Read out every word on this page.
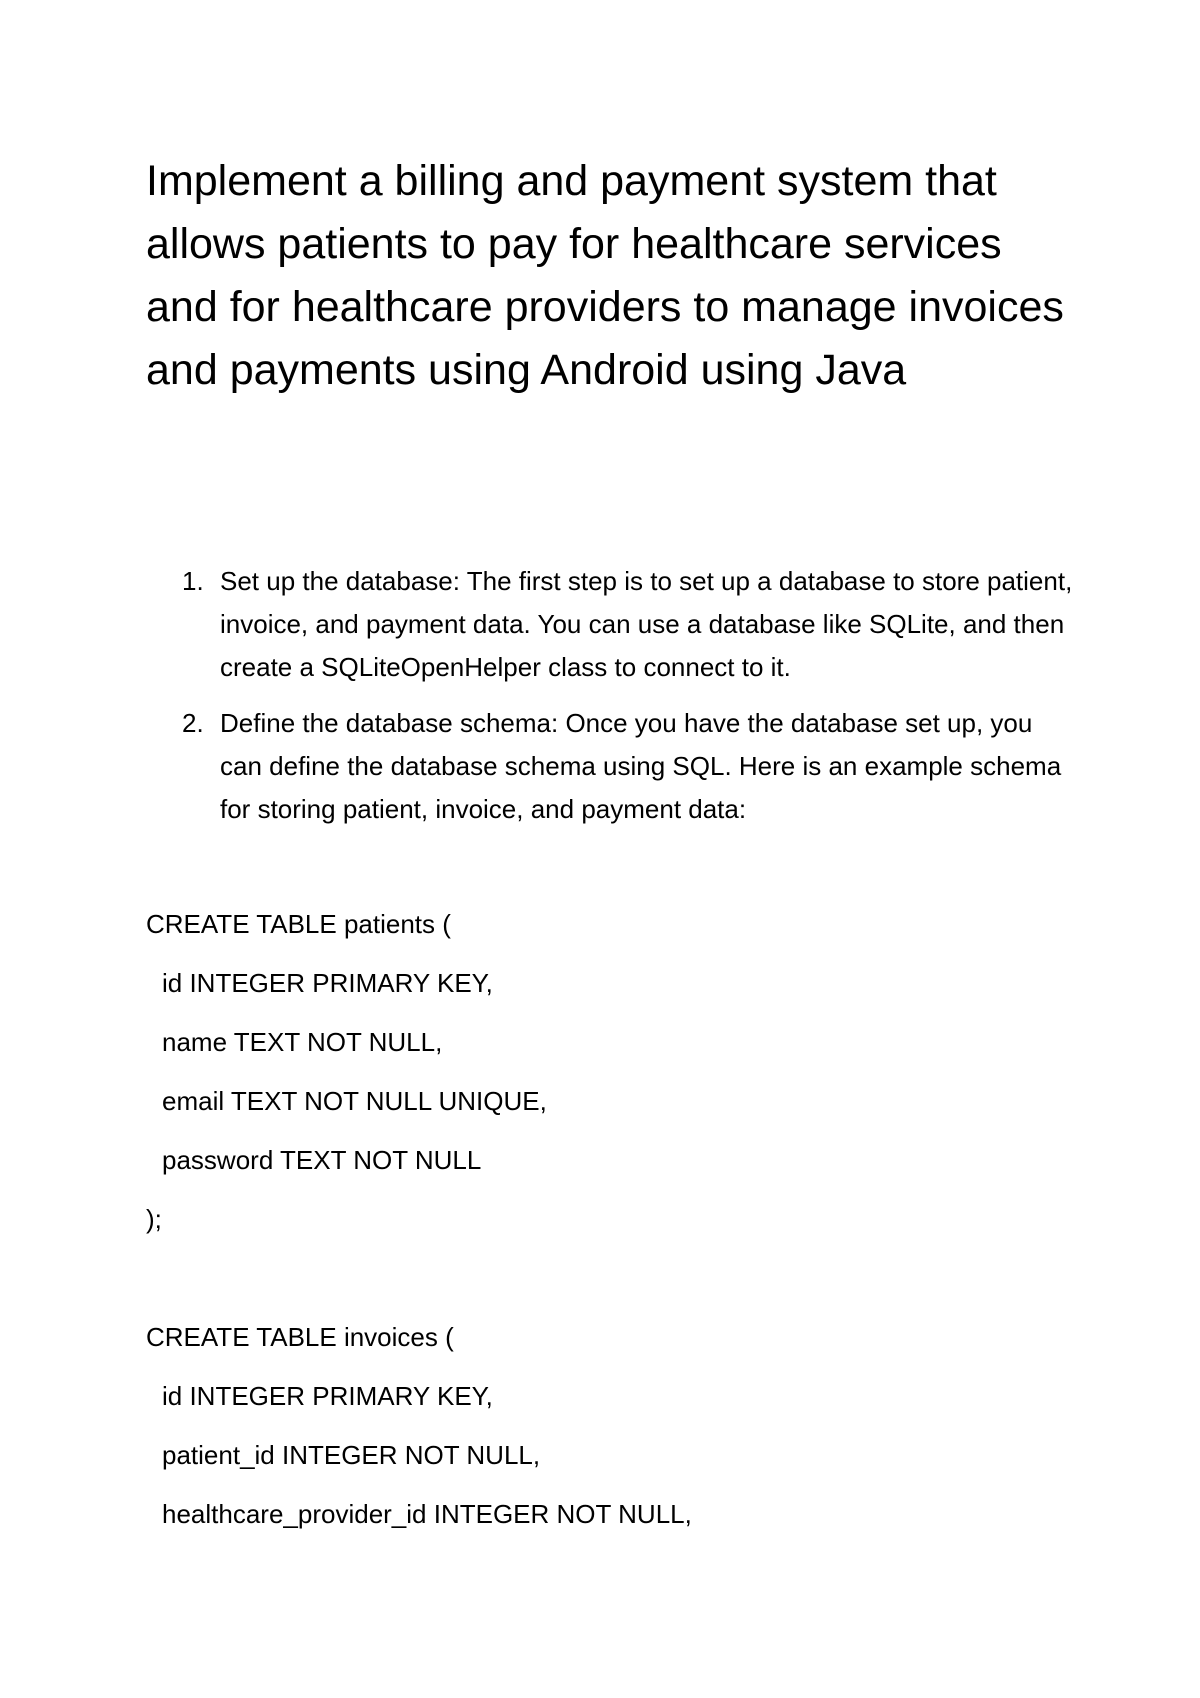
Implement a billing and payment system that allows patients to pay for healthcare services and for healthcare providers to manage invoices and payments using Android using Java
1. Set up the database: The first step is to set up a database to store patient, invoice, and payment data. You can use a database like SQLite, and then create a SQLiteOpenHelper class to connect to it.
2. Define the database schema: Once you have the database set up, you can define the database schema using SQL. Here is an example schema for storing patient, invoice, and payment data:
CREATE TABLE patients (
id INTEGER PRIMARY KEY,
name TEXT NOT NULL,
email TEXT NOT NULL UNIQUE,
password TEXT NOT NULL
);
CREATE TABLE invoices (
id INTEGER PRIMARY KEY,
patient_id INTEGER NOT NULL,
healthcare_provider_id INTEGER NOT NULL,
